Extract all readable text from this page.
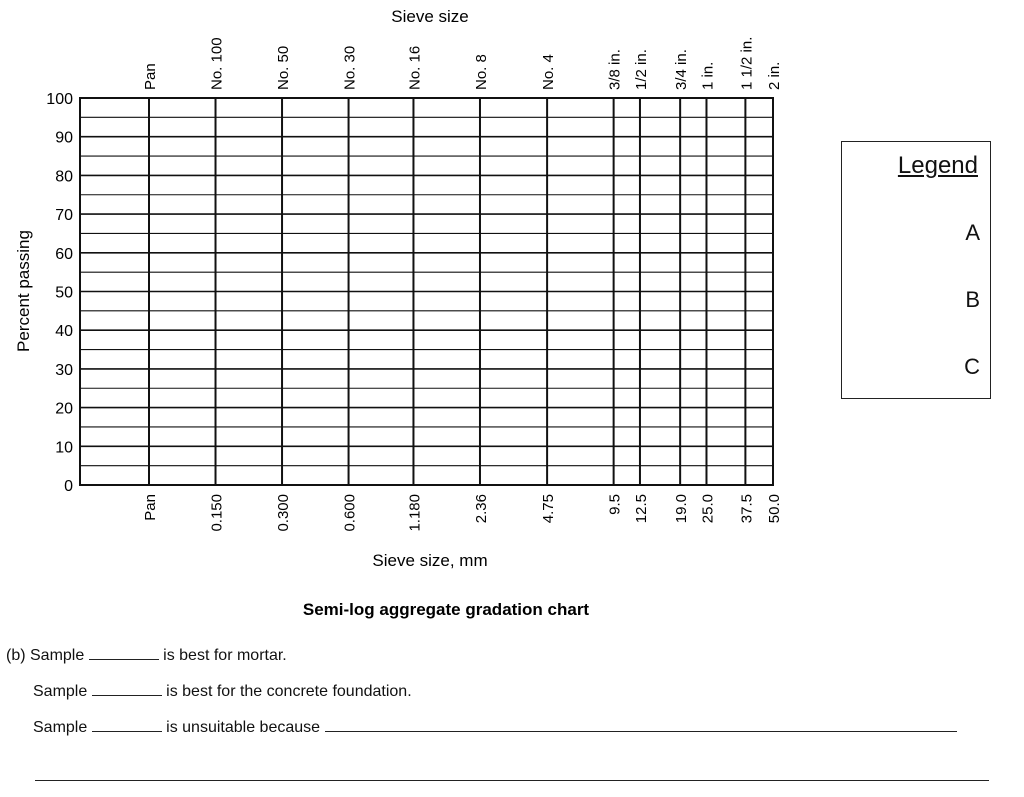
0
10
20
30
40
50
60
70
80
90
100
Pan	No. 100	No. 50	No. 30	No. 16	No. 8	No. 4	3/8 in. 1/2 in. 3/4 in. 1 in. 1 1/2 in. 2 in.
Pan	0.150	0.300	0.600	1.180	2.36	4.75	9.5 12.5 19.0 25.0 37.5 50.0
Sieve size
Sieve size, mm
Percent passing
Semi-log aggregate gradation chart
Legend
A
B
C
(b) Sample	is best for mortar.
Sample	is best for the concrete foundation.
Sample	is unsuitable because
